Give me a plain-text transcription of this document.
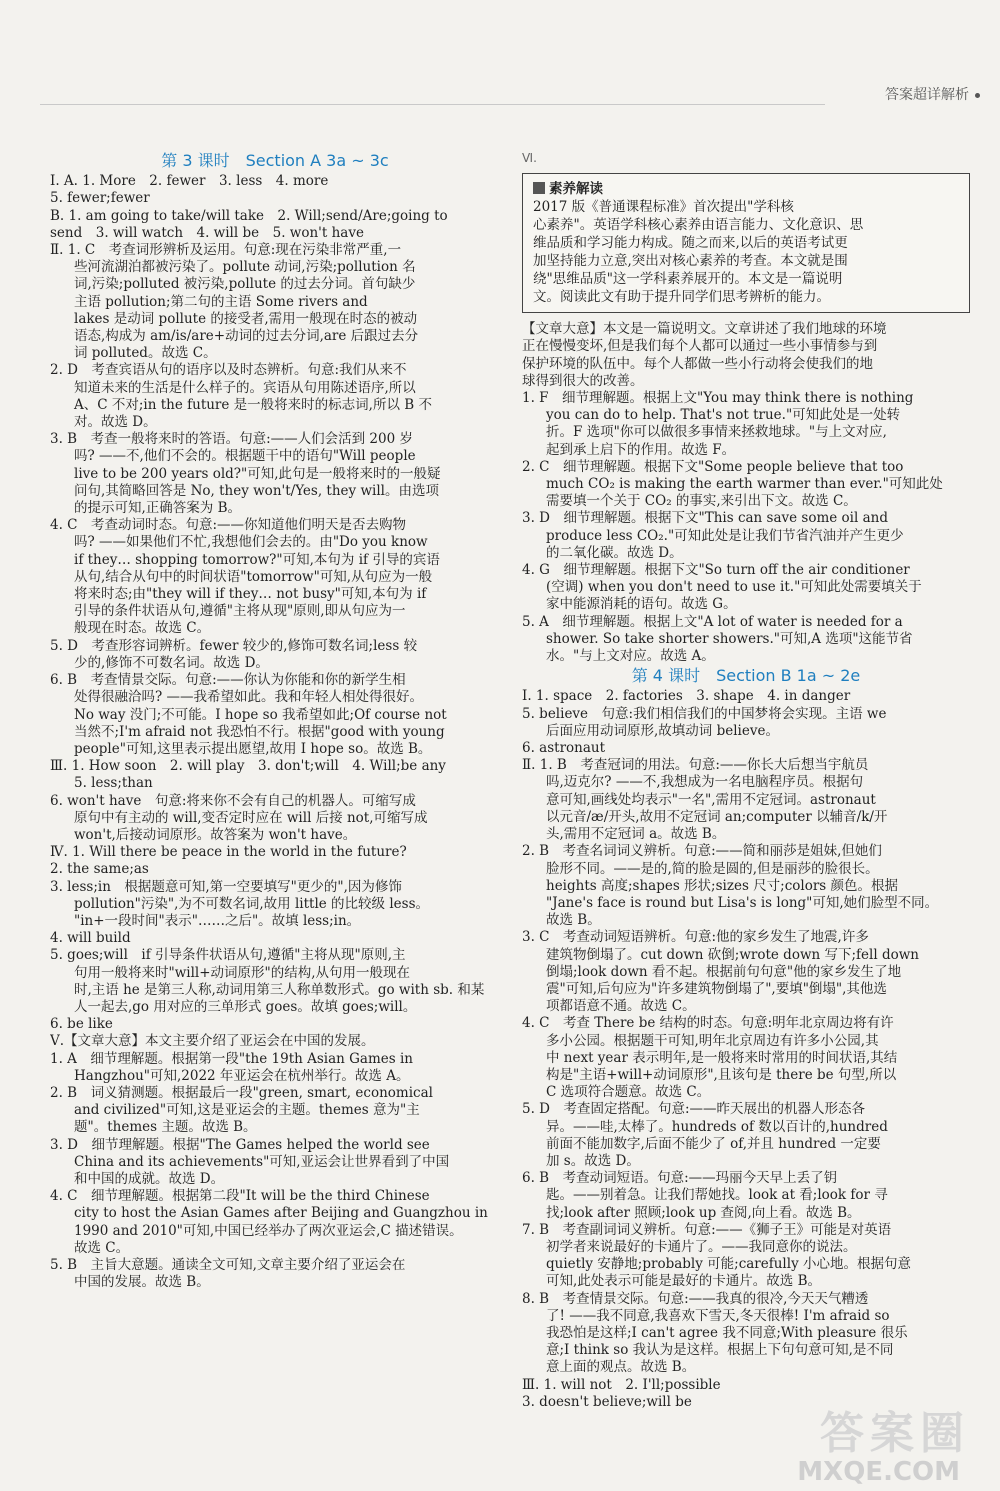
答案超详解析
第 3 课时　Section A 3a ~ 3c
Ⅰ. A. 1. More　2. fewer　3. less　4. more
5. fewer;fewer
B. 1. am going to take/will take　2. Will;send/Are;going to
send　3. will watch　4. will be　5. won't have
Ⅱ. 1. C　考查词形辨析及运用。句意:现在污染非常严重,一
些河流湖泊都被污染了。pollute 动词,污染;pollution 名
词,污染;polluted 被污染,pollute 的过去分词。首句缺少
主语 pollution;第二句的主语 Some rivers and
lakes 是动词 pollute 的接受者,需用一般现在时态的被动
语态,构成为 am/is/are+动词的过去分词,are 后跟过去分
词 polluted。故选 C。
2. D　考查宾语从句的语序以及时态辨析。句意:我们从来不
知道未来的生活是什么样子的。宾语从句用陈述语序,所以
A、C 不对;in the future 是一般将来时的标志词,所以 B 不
对。故选 D。
3. B　考查一般将来时的答语。句意:——人们会活到 200 岁
吗? ——不,他们不会的。根据题干中的语句"Will people
live to be 200 years old?"可知,此句是一般将来时的一般疑
问句,其简略回答是 No, they won't/Yes, they will。由选项
的提示可知,正确答案为 B。
4. C　考查动词时态。句意:——你知道他们明天是否去购物
吗? ——如果他们不忙,我想他们会去的。由"Do you know
if they… shopping tomorrow?"可知,本句为 if 引导的宾语
从句,结合从句中的时间状语"tomorrow"可知,从句应为一般
将来时态;由"they will if they… not busy"可知,本句为 if
引导的条件状语从句,遵循"主将从现"原则,即从句应为一
般现在时态。故选 C。
5. D　考查形容词辨析。fewer 较少的,修饰可数名词;less 较
少的,修饰不可数名词。故选 D。
6. B　考查情景交际。句意:——你认为你能和你的新学生相
处得很融洽吗? ——我希望如此。我和年轻人相处得很好。
No way 没门;不可能。I hope so 我希望如此;Of course not
当然不;I'm afraid not 我恐怕不行。根据"good with young
people"可知,这里表示提出愿望,故用 I hope so。故选 B。
Ⅲ. 1. How soon　2. will play　3. don't;will　4. Will;be any
5. less;than
6. won't have　句意:将来你不会有自己的机器人。可缩写成
原句中有主动的 will,变否定时应在 will 后接 not,可缩写成
won't,后接动词原形。故答案为 won't have。
Ⅳ. 1. Will there be peace in the world in the future?
2. the same;as
3. less;in　根据题意可知,第一空要填写"更少的",因为修饰
pollution"污染",为不可数名词,故用 little 的比较级 less。
"in+一段时间"表示"……之后"。故填 less;in。
4. will build
5. goes;will　if 引导条件状语从句,遵循"主将从现"原则,主
句用一般将来时"will+动词原形"的结构,从句用一般现在
时,主语 he 是第三人称,动词用第三人称单数形式。go with sb. 和某
人一起去,go 用对应的三单形式 goes。故填 goes;will。
6. be like
Ⅴ.【文章大意】本文主要介绍了亚运会在中国的发展。
1. A　细节理解题。根据第一段"the 19th Asian Games in
Hangzhou"可知,2022 年亚运会在杭州举行。故选 A。
2. B　词义猜测题。根据最后一段"green, smart, economical
and civilized"可知,这是亚运会的主题。themes 意为"主
题"。themes 主题。故选 B。
3. D　细节理解题。根据"The Games helped the world see
China and its achievements"可知,亚运会让世界看到了中国
和中国的成就。故选 D。
4. C　细节理解题。根据第二段"It will be the third Chinese
city to host the Asian Games after Beijing and Guangzhou in
1990 and 2010"可知,中国已经举办了两次亚运会,C 描述错误。
故选 C。
5. B　主旨大意题。通读全文可知,文章主要介绍了亚运会在
中国的发展。故选 B。
Ⅵ.
素养解读
2017 版《普通课程标准》首次提出"学科核
心素养"。英语学科核心素养由语言能力、文化意识、思
维品质和学习能力构成。随之而来,以后的英语考试更
加坚持能力立意,突出对核心素养的考查。本文就是围
绕"思维品质"这一学科素养展开的。本文是一篇说明
文。阅读此文有助于提升同学们思考辨析的能力。
【文章大意】本文是一篇说明文。文章讲述了我们地球的环境
正在慢慢变坏,但是我们每个人都可以通过一些小事情参与到
保护环境的队伍中。每个人都做一些小行动将会使我们的地
球得到很大的改善。
1. F　细节理解题。根据上文"You may think there is nothing
you can do to help. That's not true."可知此处是一处转
折。F 选项"你可以做很多事情来拯救地球。"与上文对应,
起到承上启下的作用。故选 F。
2. C　细节理解题。根据下文"Some people believe that too
much CO₂ is making the earth warmer than ever."可知此处
需要填一个关于 CO₂ 的事实,来引出下文。故选 C。
3. D　细节理解题。根据下文"This can save some oil and
produce less CO₂."可知此处是让我们节省汽油并产生更少
的二氧化碳。故选 D。
4. G　细节理解题。根据下文"So turn off the air conditioner
(空调) when you don't need to use it."可知此处需要填关于
家中能源消耗的语句。故选 G。
5. A　细节理解题。根据上文"A lot of water is needed for a
shower. So take shorter showers."可知,A 选项"这能节省
水。"与上文对应。故选 A。
第 4 课时　Section B 1a ~ 2e
Ⅰ. 1. space　2. factories　3. shape　4. in danger
5. believe　句意:我们相信我们的中国梦将会实现。主语 we
后面应用动词原形,故填动词 believe。
6. astronaut
Ⅱ. 1. B　考查冠词的用法。句意:——你长大后想当宇航员
吗,迈克尔? ——不,我想成为一名电脑程序员。根据句
意可知,画线处均表示"一名",需用不定冠词。astronaut
以元音/æ/开头,故用不定冠词 an;computer 以辅音/k/开
头,需用不定冠词 a。故选 B。
2. B　考查名词词义辨析。句意:——简和丽莎是姐妹,但她们
脸形不同。——是的,简的脸是圆的,但是丽莎的脸很长。
heights 高度;shapes 形状;sizes 尺寸;colors 颜色。根据
"Jane's face is round but Lisa's is long"可知,她们脸型不同。
故选 B。
3. C　考查动词短语辨析。句意:他的家乡发生了地震,许多
建筑物倒塌了。cut down 砍倒;wrote down 写下;fell down
倒塌;look down 看不起。根据前句句意"他的家乡发生了地
震"可知,后句应为"许多建筑物倒塌了",要填"倒塌",其他选
项都语意不通。故选 C。
4. C　考查 There be 结构的时态。句意:明年北京周边将有许
多小公园。根据题干可知,明年北京周边有许多小公园,其
中 next year 表示明年,是一般将来时常用的时间状语,其结
构是"主语+will+动词原形",且该句是 there be 句型,所以
C 选项符合题意。故选 C。
5. D　考查固定搭配。句意:——昨天展出的机器人形态各
异。——哇,太棒了。hundreds of 数以百计的,hundred
前面不能加数字,后面不能少了 of,并且 hundred 一定要
加 s。故选 D。
6. B　考查动词短语。句意:——玛丽今天早上丢了钥
匙。——别着急。让我们帮她找。look at 看;look for 寻
找;look after 照顾;look up 查阅,向上看。故选 B。
7. B　考查副词词义辨析。句意:——《狮子王》可能是对英语
初学者来说最好的卡通片了。——我同意你的说法。
quietly 安静地;probably 可能;carefully 小心地。根据句意
可知,此处表示可能是最好的卡通片。故选 B。
8. B　考查情景交际。句意:——我真的很冷,今天天气糟透
了! ——我不同意,我喜欢下雪天,冬天很棒! I'm afraid so
我恐怕是这样;I can't agree 我不同意;With pleasure 很乐
意;I think so 我认为是这样。根据上下句句意可知,是不同
意上面的观点。故选 B。
Ⅲ. 1. will not　2. I'll;possible
3. doesn't believe;will be
答案圈
MXQE.COM
